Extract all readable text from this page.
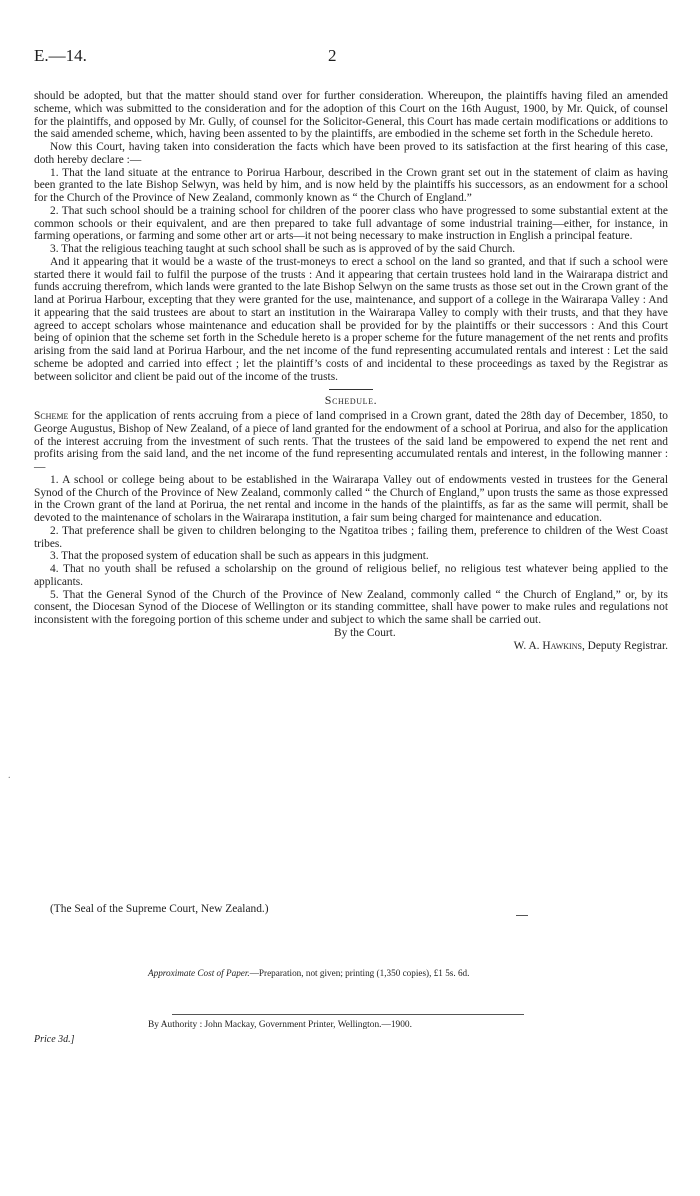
E.—14.	2

should be adopted, but that the matter should stand over for further consideration. Whereupon, the plaintiffs having filed an amended scheme, which was submitted to the consideration and for the adoption of this Court on the 16th August, 1900, by Mr. Quick, of counsel for the plaintiffs, and opposed by Mr. Gully, of counsel for the Solicitor-General, this Court has made certain modifications or additions to the said amended scheme, which, having been assented to by the plaintiffs, are embodied in the scheme set forth in the Schedule hereto.

Now this Court, having taken into consideration the facts which have been proved to its satisfaction at the first hearing of this case, doth hereby declare :—

1. That the land situate at the entrance to Porirua Harbour, described in the Crown grant set out in the statement of claim as having been granted to the late Bishop Selwyn, was held by him, and is now held by the plaintiffs his successors, as an endowment for a school for the Church of the Province of New Zealand, commonly known as “ the Church of England.”

2. That such school should be a training school for children of the poorer class who have progressed to some substantial extent at the common schools or their equivalent, and are then prepared to take full advantage of some industrial training—either, for instance, in farming operations, or farming and some other art or arts—it not being necessary to make instruction in English a principal feature.

3. That the religious teaching taught at such school shall be such as is approved of by the said Church.

And it appearing that it would be a waste of the trust-moneys to erect a school on the land so granted, and that if such a school were started there it would fail to fulfil the purpose of the trusts : And it appearing that certain trustees hold land in the Wairarapa district and funds accruing therefrom, which lands were granted to the late Bishop Selwyn on the same trusts as those set out in the Crown grant of the land at Porirua Harbour, excepting that they were granted for the use, maintenance, and support of a college in the Wairarapa Valley : And it appearing that the said trustees are about to start an institution in the Wairarapa Valley to comply with their trusts, and that they have agreed to accept scholars whose maintenance and education shall be provided for by the plaintiffs or their successors : And this Court being of opinion that the scheme set forth in the Schedule hereto is a proper scheme for the future management of the net rents and profits arising from the said land at Porirua Harbour, and the net income of the fund representing accumulated rentals and interest : Let the said scheme be adopted and carried into effect ; let the plaintiff’s costs of and incidental to these proceedings as taxed by the Registrar as between solicitor and client be paid out of the income of the trusts.

Schedule.

Scheme for the application of rents accruing from a piece of land comprised in a Crown grant, dated the 28th day of December, 1850, to George Augustus, Bishop of New Zealand, of a piece of land granted for the endowment of a school at Porirua, and also for the application of the interest accruing from the investment of such rents. That the trustees of the said land be empowered to expend the net rent and profits arising from the said land, and the net income of the fund representing accumulated rentals and interest, in the following manner :—

1. A school or college being about to be established in the Wairarapa Valley out of endowments vested in trustees for the General Synod of the Church of the Province of New Zealand, commonly called “ the Church of England,” upon trusts the same as those expressed in the Crown grant of the land at Porirua, the net rental and income in the hands of the plaintiffs, as far as the same will permit, shall be devoted to the maintenance of scholars in the Wairarapa institution, a fair sum being charged for maintenance and education.

2. That preference shall be given to children belonging to the Ngatitoa tribes ; failing them, preference to children of the West Coast tribes.

3. That the proposed system of education shall be such as appears in this judgment.

4. That no youth shall be refused a scholarship on the ground of religious belief, no religious test whatever being applied to the applicants.

5. That the General Synod of the Church of the Province of New Zealand, commonly called “ the Church of England,” or, by its consent, the Diocesan Synod of the Diocese of Wellington or its standing committee, shall have power to make rules and regulations not inconsistent with the foregoing portion of this scheme under and subject to which the same shall be carried out.

By the Court.

W. A. Hawkins, Deputy Registrar.

(The Seal of the Supreme Court, New Zealand.)
Approximate Cost of Paper.—Preparation, not given; printing (1,350 copies), £1 5s. 6d.
By Authority : John Mackay, Government Printer, Wellington.—1900.
Price 3d.]
.
